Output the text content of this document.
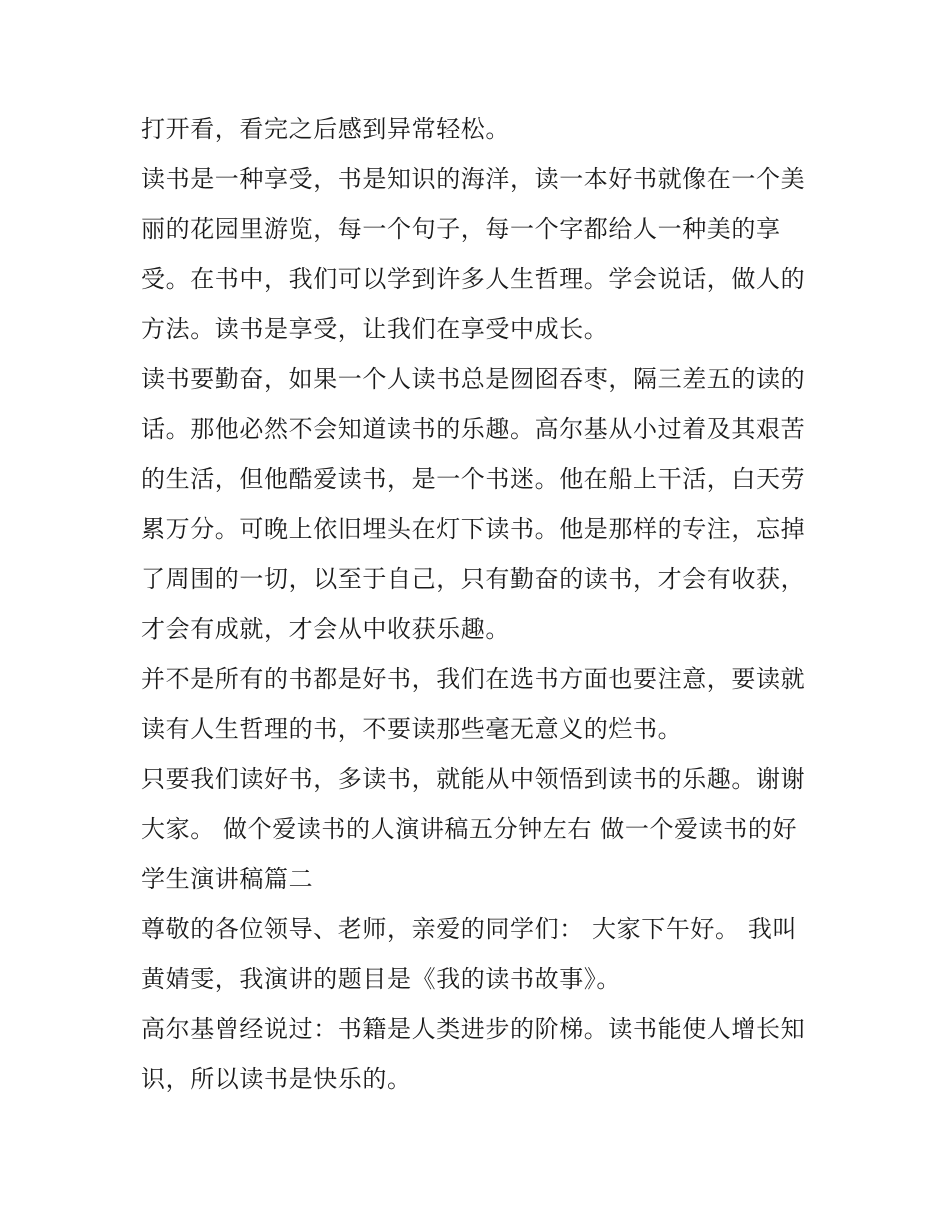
打开看，看完之后感到异常轻松。
读书是一种享受，书是知识的海洋，读一本好书就像在一个美
丽的花园里游览，每一个句子，每一个字都给人一种美的享
受。在书中，我们可以学到许多人生哲理。学会说话，做人的
方法。读书是享受，让我们在享受中成长。
读书要勤奋，如果一个人读书总是囫囵吞枣，隔三差五的读的
话。那他必然不会知道读书的乐趣。高尔基从小过着及其艰苦
的生活，但他酷爱读书，是一个书迷。他在船上干活，白天劳
累万分。可晚上依旧埋头在灯下读书。他是那样的专注，忘掉
了周围的一切，以至于自己，只有勤奋的读书，才会有收获，
才会有成就，才会从中收获乐趣。
并不是所有的书都是好书，我们在选书方面也要注意，要读就
读有人生哲理的书，不要读那些毫无意义的烂书。
只要我们读好书，多读书，就能从中领悟到读书的乐趣。谢谢
大家。 做个爱读书的人演讲稿五分钟左右 做一个爱读书的好
学生演讲稿篇二
尊敬的各位领导、老师，亲爱的同学们： 大家下午好。 我叫
黄婧雯，我演讲的题目是《我的读书故事》。
高尔基曾经说过：书籍是人类进步的阶梯。读书能使人增长知
识，所以读书是快乐的。
